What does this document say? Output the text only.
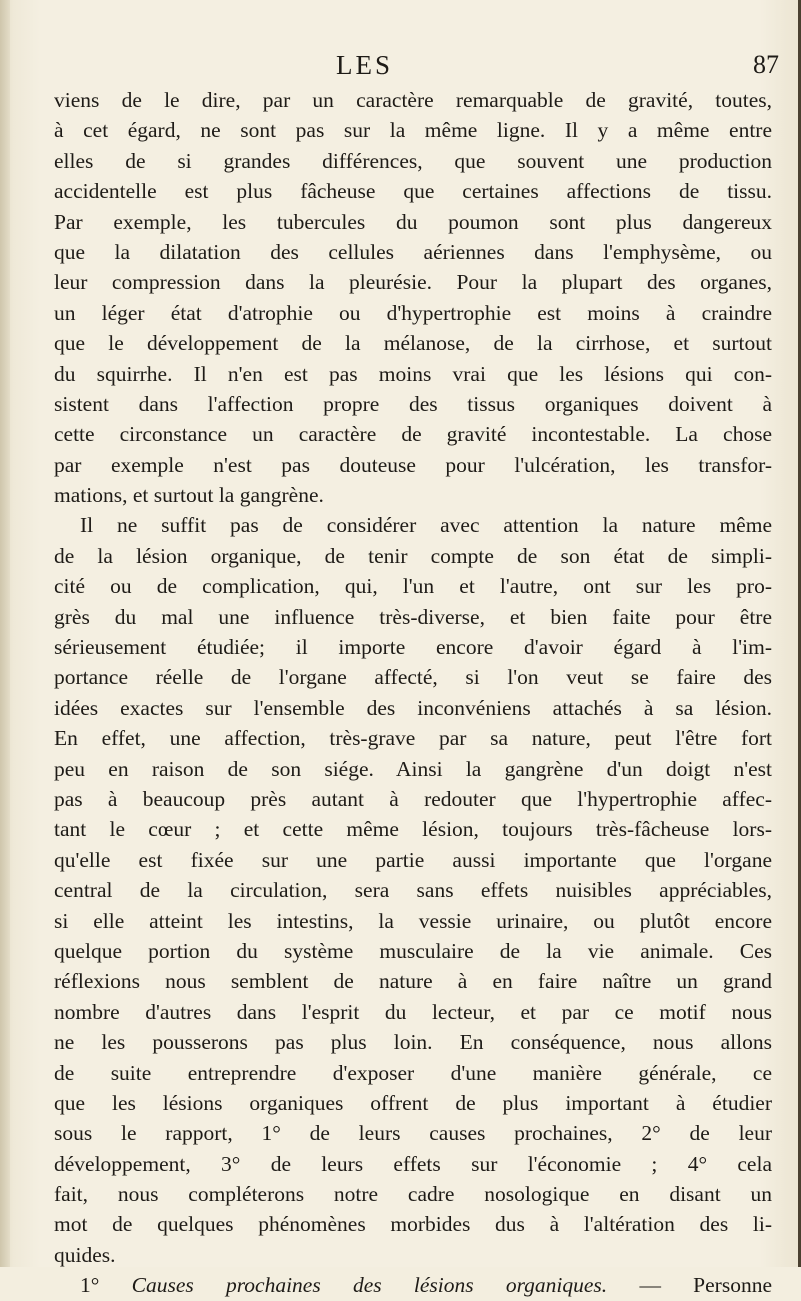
LES	87
viens de le dire, par un caractère remarquable de gravité, toutes,
à cet égard, ne sont pas sur la même ligne. Il y a même entre
elles de si grandes différences, que souvent une production
accidentelle est plus fâcheuse que certaines affections de tissu.
Par exemple, les tubercules du poumon sont plus dangereux
que la dilatation des cellules aériennes dans l'emphysème, ou
leur compression dans la pleurésie. Pour la plupart des organes,
un léger état d'atrophie ou d'hypertrophie est moins à craindre
que le développement de la mélanose, de la cirrhose, et surtout
du squirrhe. Il n'en est pas moins vrai que les lésions qui con-
sistent dans l'affection propre des tissus organiques doivent à
cette circonstance un caractère de gravité incontestable. La chose
par exemple n'est pas douteuse pour l'ulcération, les transfor-
mations, et surtout la gangrène.
Il ne suffit pas de considérer avec attention la nature même
de la lésion organique, de tenir compte de son état de simpli-
cité ou de complication, qui, l'un et l'autre, ont sur les pro-
grès du mal une influence très-diverse, et bien faite pour être
sérieusement étudiée; il importe encore d'avoir égard à l'im-
portance réelle de l'organe affecté, si l'on veut se faire des
idées exactes sur l'ensemble des inconvéniens attachés à sa lésion.
En effet, une affection, très-grave par sa nature, peut l'être fort
peu en raison de son siége. Ainsi la gangrène d'un doigt n'est
pas à beaucoup près autant à redouter que l'hypertrophie affec-
tant le cœur ; et cette même lésion, toujours très-fâcheuse lors-
qu'elle est fixée sur une partie aussi importante que l'organe
central de la circulation, sera sans effets nuisibles appréciables,
si elle atteint les intestins, la vessie urinaire, ou plutôt encore
quelque portion du système musculaire de la vie animale. Ces
réflexions nous semblent de nature à en faire naître un grand
nombre d'autres dans l'esprit du lecteur, et par ce motif nous
ne les pousserons pas plus loin. En conséquence, nous allons
de suite entreprendre d'exposer d'une manière générale, ce
que les lésions organiques offrent de plus important à étudier
sous le rapport, 1° de leurs causes prochaines, 2° de leur
développement, 3° de leurs effets sur l'économie ; 4° cela
fait, nous compléterons notre cadre nosologique en disant un
mot de quelques phénomènes morbides dus à l'altération des li-
quides.
1° Causes prochaines des lésions organiques. — Personne
